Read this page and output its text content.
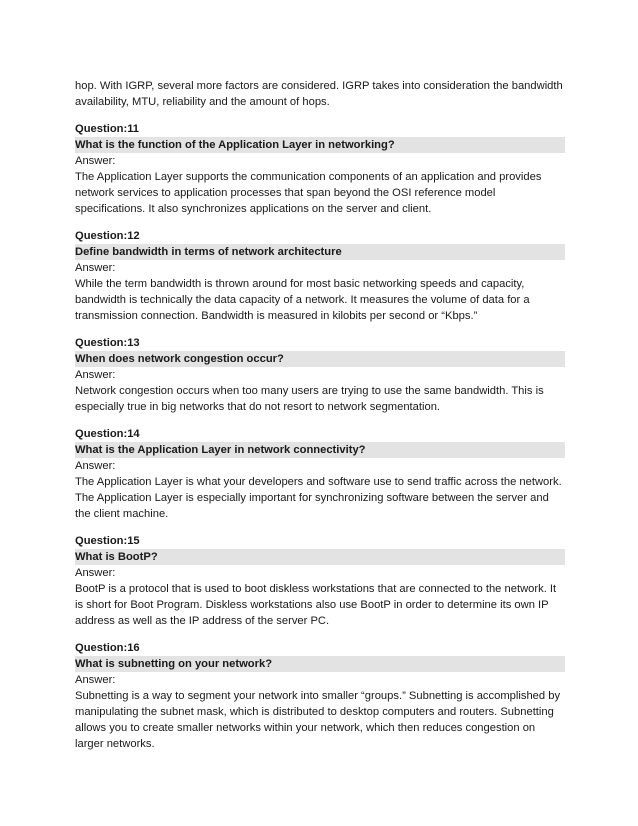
hop. With IGRP, several more factors are considered. IGRP takes into consideration the bandwidth availability, MTU, reliability and the amount of hops.

Question:11

What is the function of the Application Layer in networking?

Answer:

The Application Layer supports the communication components of an application and provides network services to application processes that span beyond the OSI reference model specifications. It also synchronizes applications on the server and client.

Question:12

Define bandwidth in terms of network architecture

Answer:

While the term bandwidth is thrown around for most basic networking speeds and capacity, bandwidth is technically the data capacity of a network. It measures the volume of data for a transmission connection. Bandwidth is measured in kilobits per second or “Kbps.”

Question:13

When does network congestion occur?

Answer:

Network congestion occurs when too many users are trying to use the same bandwidth. This is especially true in big networks that do not resort to network segmentation.

Question:14

What is the Application Layer in network connectivity?

Answer:

The Application Layer is what your developers and software use to send traffic across the network. The Application Layer is especially important for synchronizing software between the server and the client machine.

Question:15

What is BootP?

Answer:

BootP is a protocol that is used to boot diskless workstations that are connected to the network. It is short for Boot Program. Diskless workstations also use BootP in order to determine its own IP address as well as the IP address of the server PC.

Question:16

What is subnetting on your network?

Answer:

Subnetting is a way to segment your network into smaller “groups.” Subnetting is accomplished by manipulating the subnet mask, which is distributed to desktop computers and routers. Subnetting allows you to create smaller networks within your network, which then reduces congestion on larger networks.
